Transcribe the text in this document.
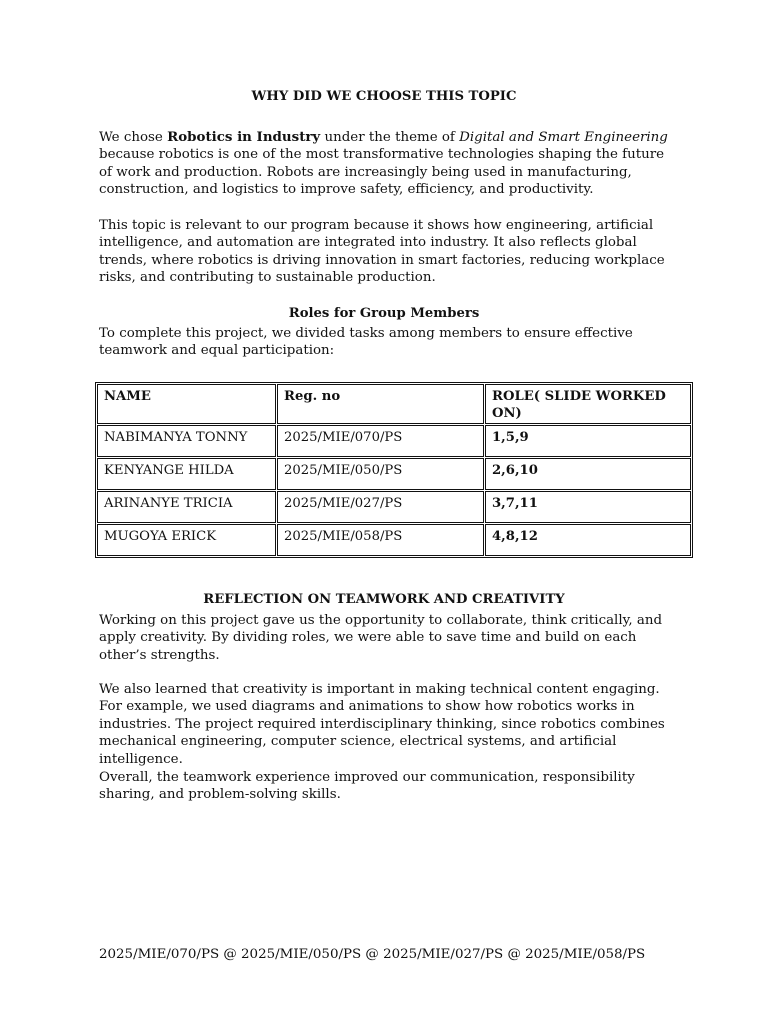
WHY DID WE CHOOSE THIS TOPIC

We chose Robotics in Industry under the theme of Digital and Smart Engineering because robotics is one of the most transformative technologies shaping the future of work and production. Robots are increasingly being used in manufacturing, construction, and logistics to improve safety, efficiency, and productivity.

This topic is relevant to our program because it shows how engineering, artificial intelligence, and automation are integrated into industry. It also reflects global trends, where robotics is driving innovation in smart factories, reducing workplace risks, and contributing to sustainable production.

Roles for Group Members

To complete this project, we divided tasks among members to ensure effective teamwork and equal participation:

NAME	Reg. no	ROLE( SLIDE WORKED ON)
NABIMANYA TONNY	2025/MIE/070/PS	1,5,9
KENYANGE HILDA	2025/MIE/050/PS	2,6,10
ARINANYE TRICIA	2025/MIE/027/PS	3,7,11
MUGOYA ERICK	2025/MIE/058/PS	4,8,12
REFLECTION ON TEAMWORK AND CREATIVITY

Working on this project gave us the opportunity to collaborate, think critically, and apply creativity. By dividing roles, we were able to save time and build on each other’s strengths.

We also learned that creativity is important in making technical content engaging. For example, we used diagrams and animations to show how robotics works in industries. The project required interdisciplinary thinking, since robotics combines mechanical engineering, computer science, electrical systems, and artificial intelligence.

Overall, the teamwork experience improved our communication, responsibility sharing, and problem-solving skills.

2025/MIE/070/PS @ 2025/MIE/050/PS @ 2025/MIE/027/PS @ 2025/MIE/058/PS
